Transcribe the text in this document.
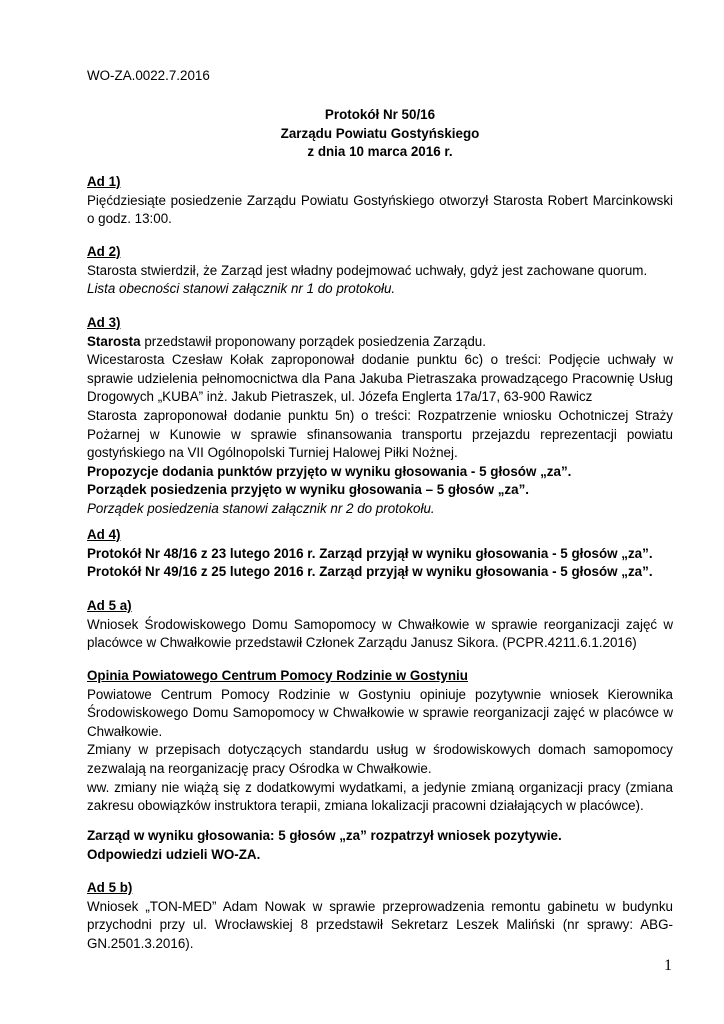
WO-ZA.0022.7.2016
Protokół Nr 50/16
Zarządu Powiatu Gostyńskiego
z dnia 10 marca 2016 r.
Ad 1)
Pięćdziesiąte posiedzenie Zarządu Powiatu Gostyńskiego otworzył Starosta Robert Marcinkowski o godz. 13:00.
Ad 2)
Starosta stwierdził, że Zarząd jest władny podejmować uchwały, gdyż jest zachowane quorum.
Lista obecności stanowi załącznik nr 1 do protokołu.
Ad 3)
Starosta przedstawił proponowany porządek posiedzenia Zarządu.
Wicestarosta Czesław Kołak zaproponował dodanie punktu 6c) o treści: Podjęcie uchwały w sprawie udzielenia pełnomocnictwa dla Pana Jakuba Pietraszaka prowadzącego Pracownię Usług Drogowych „KUBA” inż. Jakub Pietraszek, ul. Józefa Englerta 17a/17, 63-900 Rawicz
Starosta zaproponował dodanie punktu 5n) o treści: Rozpatrzenie wniosku Ochotniczej Straży Pożarnej w Kunowie w sprawie sfinansowania transportu przejazdu reprezentacji powiatu gostyńskiego na VII Ogólnopolski Turniej Halowej Piłki Nożnej.
Propozycje dodania punktów przyjęto w wyniku głosowania - 5 głosów „za”.
Porządek posiedzenia przyjęto w wyniku głosowania – 5 głosów „za”.
Porządek posiedzenia stanowi załącznik nr 2 do protokołu.
Ad 4)
Protokół Nr 48/16 z 23 lutego 2016 r. Zarząd przyjął w wyniku głosowania - 5 głosów „za”.
Protokół Nr 49/16 z 25 lutego 2016 r. Zarząd przyjął w wyniku głosowania - 5 głosów „za”.
Ad 5 a)
Wniosek Środowiskowego Domu Samopomocy w Chwałkowie w sprawie reorganizacji zajęć w placówce w Chwałkowie przedstawił Członek Zarządu Janusz Sikora. (PCPR.4211.6.1.2016)
Opinia Powiatowego Centrum Pomocy Rodzinie w Gostyniu
Powiatowe Centrum Pomocy Rodzinie w Gostyniu opiniuje pozytywnie wniosek Kierownika Środowiskowego Domu Samopomocy w Chwałkowie w sprawie reorganizacji zajęć w placówce w Chwałkowie.
Zmiany w przepisach dotyczących standardu usług w środowiskowych domach samopomocy zezwalają na reorganizację pracy Ośrodka w Chwałkowie.
ww. zmiany nie wiążą się z dodatkowymi wydatkami, a jedynie zmianą organizacji pracy (zmiana zakresu obowiązków instruktora terapii, zmiana lokalizacji pracowni działających w placówce).
Zarząd w wyniku głosowania: 5 głosów „za” rozpatrzył wniosek pozytywie.
Odpowiedzi udzieli WO-ZA.
Ad 5 b)
Wniosek „TON-MED” Adam Nowak w sprawie przeprowadzenia remontu gabinetu w budynku przychodni przy ul. Wrocławskiej 8 przedstawił Sekretarz Leszek Maliński (nr sprawy: ABG-GN.2501.3.2016).
1
